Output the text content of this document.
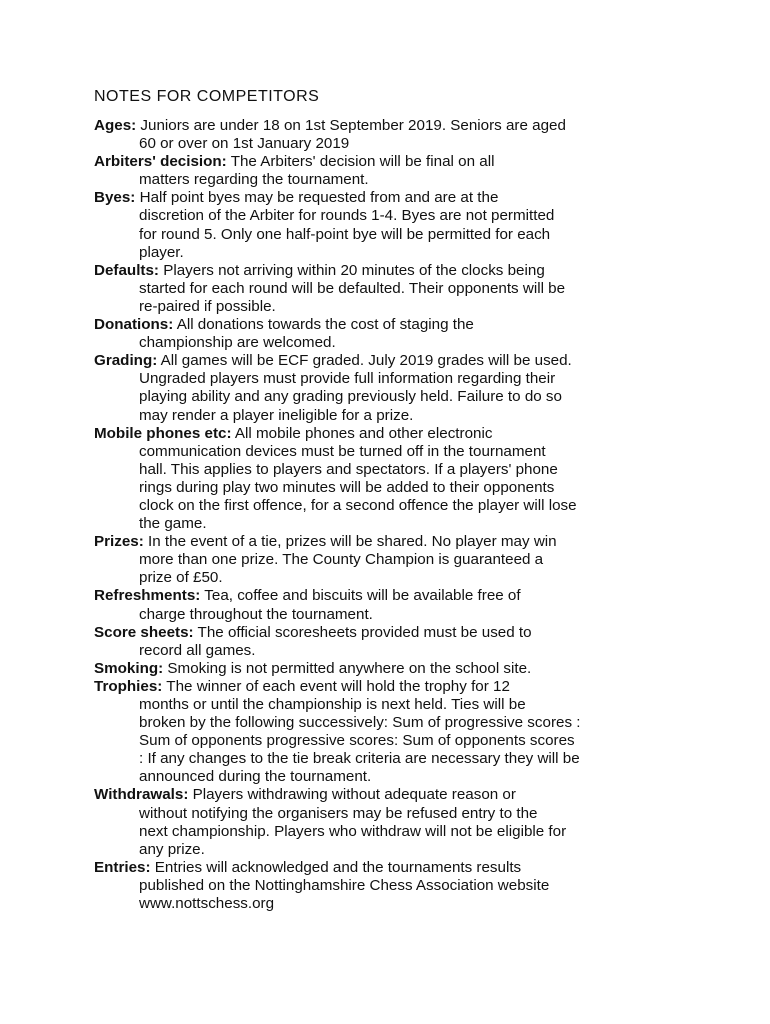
NOTES FOR COMPETITORS
Ages: Juniors are under 18 on 1st September 2019. Seniors are aged
60 or over on 1st January 2019
Arbiters' decision: The Arbiters' decision will be final on all
matters regarding the tournament.
Byes: Half point byes may be requested from and are at the
discretion of the Arbiter for rounds 1-4. Byes are not permitted
for round 5. Only one half-point bye will be permitted for each
player.
Defaults: Players not arriving within 20 minutes of the clocks being
started for each round will be defaulted. Their opponents will be
re-paired if possible.
Donations: All donations towards the cost of staging the
championship are welcomed.
Grading: All games will be ECF graded. July 2019 grades will be used.
Ungraded players must provide full information regarding their
playing ability and any grading previously held. Failure to do so
may render a player ineligible for a prize.
Mobile phones etc: All mobile phones and other electronic
communication devices must be turned off in the tournament
hall. This applies to players and spectators. If a players' phone
rings during play two minutes will be added to their opponents
clock on the first offence, for a second offence the player will lose
the game.
Prizes: In the event of a tie, prizes will be shared. No player may win
more than one prize. The County Champion is guaranteed a
prize of £50.
Refreshments: Tea, coffee and biscuits will be available free of
charge throughout the tournament.
Score sheets: The official scoresheets provided must be used to
record all games.
Smoking: Smoking is not permitted anywhere on the school site.
Trophies: The winner of each event will hold the trophy for 12
months or until the championship is next held. Ties will be
broken by the following successively: Sum of progressive scores :
Sum of opponents progressive scores: Sum of opponents scores
: If any changes to the tie break criteria are necessary they will be
announced during the tournament.
Withdrawals: Players withdrawing without adequate reason or
without notifying the organisers may be refused entry to the
next championship. Players who withdraw will not be eligible for
any prize.
Entries: Entries will acknowledged and the tournaments results
published on the Nottinghamshire Chess Association website
www.nottschess.org
